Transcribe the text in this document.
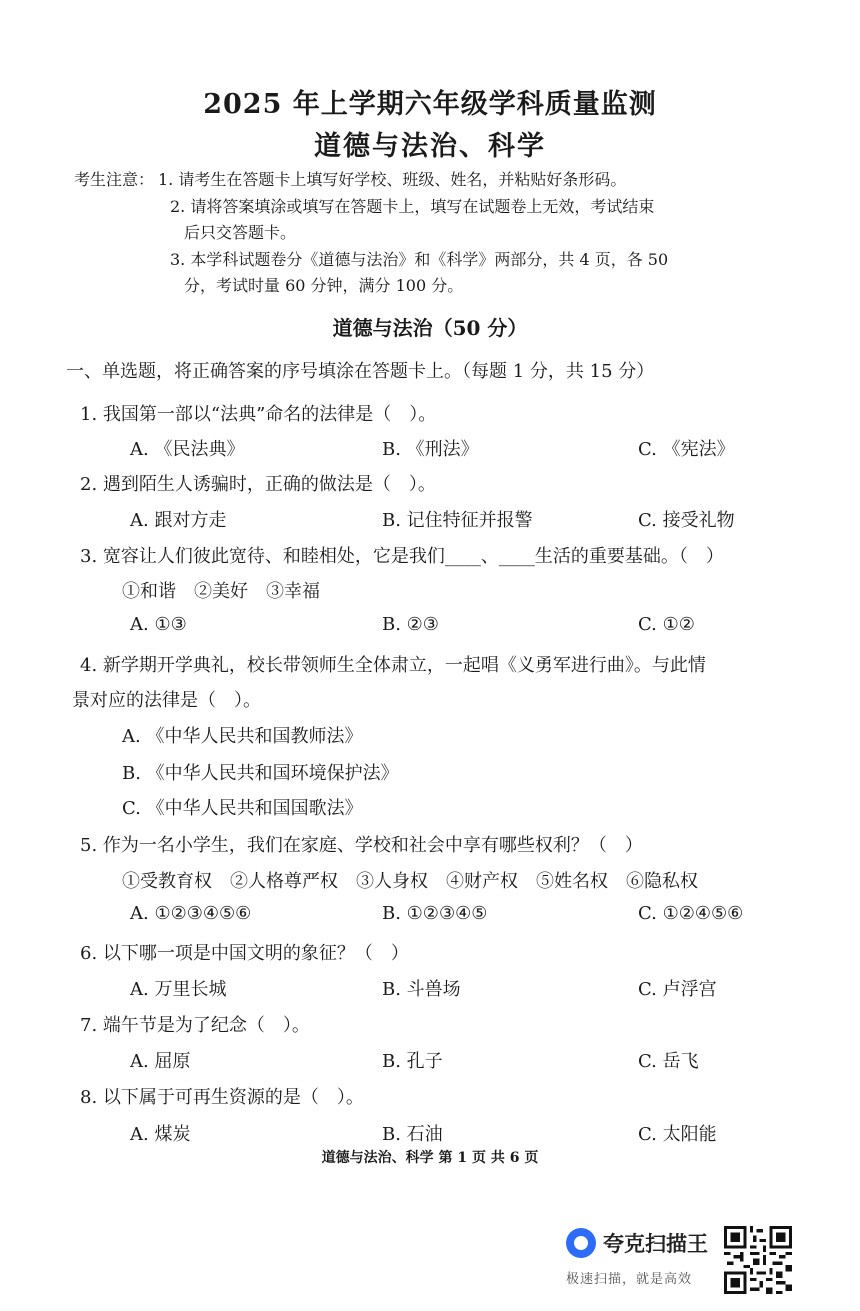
2025 年上学期六年级学科质量监测
道德与法治、科学
考生注意： 1. 请考生在答题卡上填写好学校、班级、姓名，并粘贴好条形码。
2. 请将答案填涂或填写在答题卡上，填写在试题卷上无效，考试结束
后只交答题卡。
3. 本学科试题卷分《道德与法治》和《科学》两部分，共 4 页，各 50
分，考试时量 60 分钟，满分 100 分。
道德与法治（50 分）
一、单选题，将正确答案的序号填涂在答题卡上。（每题 1 分，共 15 分）
1. 我国第一部以“法典”命名的法律是（　）。
A. 《民法典》	B. 《刑法》	C. 《宪法》
2. 遇到陌生人诱骗时，正确的做法是（　）。
A. 跟对方走	B. 记住特征并报警	C. 接受礼物
3. 宽容让人们彼此宽待、和睦相处，它是我们____、____生活的重要基础。（　）
①和谐　②美好　③幸福
A. ①③	B. ②③	C. ①②
4. 新学期开学典礼，校长带领师生全体肃立，一起唱《义勇军进行曲》。与此情
景对应的法律是（　）。
A. 《中华人民共和国教师法》
B. 《中华人民共和国环境保护法》
C. 《中华人民共和国国歌法》
5. 作为一名小学生，我们在家庭、学校和社会中享有哪些权利？（　）
①受教育权　②人格尊严权　③人身权　④财产权　⑤姓名权　⑥隐私权
A. ①②③④⑤⑥	B. ①②③④⑤	C. ①②④⑤⑥
6. 以下哪一项是中国文明的象征？（　）
A. 万里长城	B. 斗兽场	C. 卢浮宫
7. 端午节是为了纪念（　）。
A. 屈原	B. 孔子	C. 岳飞
8. 以下属于可再生资源的是（　）。
A. 煤炭	B. 石油	C. 太阳能
道德与法治、科学 第 1 页 共 6 页
夸克扫描王
极速扫描，就是高效
